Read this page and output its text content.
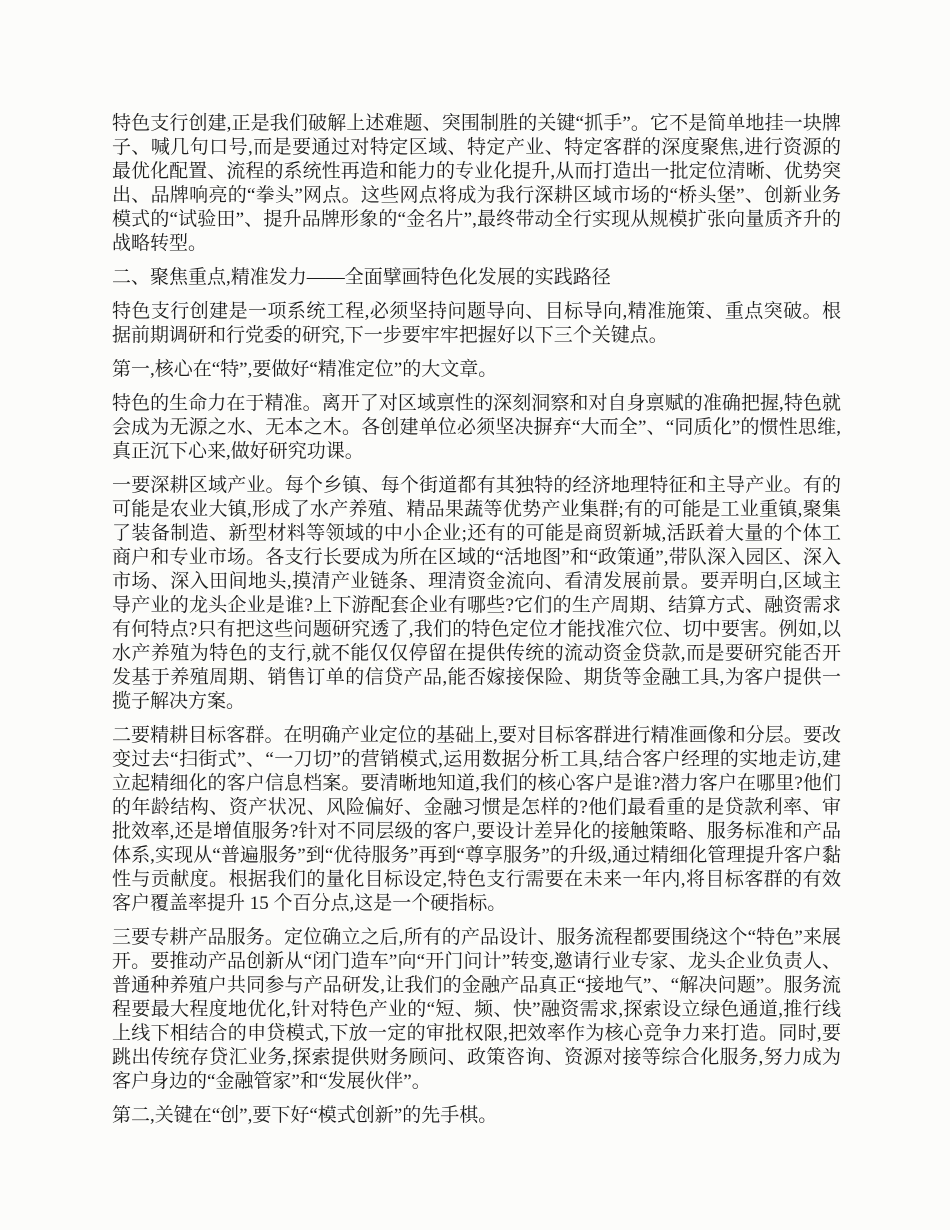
特色支行创建,正是我们破解上述难题、突围制胜的关键“抓手”。它不是简单地挂一块牌子、喊几句口号,而是要通过对特定区域、特定产业、特定客群的深度聚焦,进行资源的最优化配置、流程的系统性再造和能力的专业化提升,从而打造出一批定位清晰、优势突出、品牌响亮的“拳头”网点。这些网点将成为我行深耕区域市场的“桥头堡”、创新业务模式的“试验田”、提升品牌形象的“金名片”,最终带动全行实现从规模扩张向量质齐升的战略转型。

二、聚焦重点,精准发力——全面擘画特色化发展的实践路径

特色支行创建是一项系统工程,必须坚持问题导向、目标导向,精准施策、重点突破。根据前期调研和行党委的研究,下一步要牢牢把握好以下三个关键点。

第一,核心在“特”,要做好“精准定位”的大文章。

特色的生命力在于精准。离开了对区域禀性的深刻洞察和对自身禀赋的准确把握,特色就会成为无源之水、无本之木。各创建单位必须坚决摒弃“大而全”、“同质化”的惯性思维,真正沉下心来,做好研究功课。

一要深耕区域产业。每个乡镇、每个街道都有其独特的经济地理特征和主导产业。有的可能是农业大镇,形成了水产养殖、精品果蔬等优势产业集群;有的可能是工业重镇,聚集了装备制造、新型材料等领域的中小企业;还有的可能是商贸新城,活跃着大量的个体工商户和专业市场。各支行长要成为所在区域的“活地图”和“政策通”,带队深入园区、深入市场、深入田间地头,摸清产业链条、理清资金流向、看清发展前景。要弄明白,区域主导产业的龙头企业是谁?上下游配套企业有哪些?它们的生产周期、结算方式、融资需求有何特点?只有把这些问题研究透了,我们的特色定位才能找准穴位、切中要害。例如,以水产养殖为特色的支行,就不能仅仅停留在提供传统的流动资金贷款,而是要研究能否开发基于养殖周期、销售订单的信贷产品,能否嫁接保险、期货等金融工具,为客户提供一揽子解决方案。

二要精耕目标客群。在明确产业定位的基础上,要对目标客群进行精准画像和分层。要改变过去“扫街式”、“一刀切”的营销模式,运用数据分析工具,结合客户经理的实地走访,建立起精细化的客户信息档案。要清晰地知道,我们的核心客户是谁?潜力客户在哪里?他们的年龄结构、资产状况、风险偏好、金融习惯是怎样的?他们最看重的是贷款利率、审批效率,还是增值服务?针对不同层级的客户,要设计差异化的接触策略、服务标准和产品体系,实现从“普遍服务”到“优待服务”再到“尊享服务”的升级,通过精细化管理提升客户黏性与贡献度。根据我们的量化目标设定,特色支行需要在未来一年内,将目标客群的有效客户覆盖率提升 15 个百分点,这是一个硬指标。

三要专耕产品服务。定位确立之后,所有的产品设计、服务流程都要围绕这个“特色”来展开。要推动产品创新从“闭门造车”向“开门问计”转变,邀请行业专家、龙头企业负责人、普通种养殖户共同参与产品研发,让我们的金融产品真正“接地气”、“解决问题”。服务流程要最大程度地优化,针对特色产业的“短、频、快”融资需求,探索设立绿色通道,推行线上线下相结合的申贷模式,下放一定的审批权限,把效率作为核心竞争力来打造。同时,要跳出传统存贷汇业务,探索提供财务顾问、政策咨询、资源对接等综合化服务,努力成为客户身边的“金融管家”和“发展伙伴”。

第二,关键在“创”,要下好“模式创新”的先手棋。
